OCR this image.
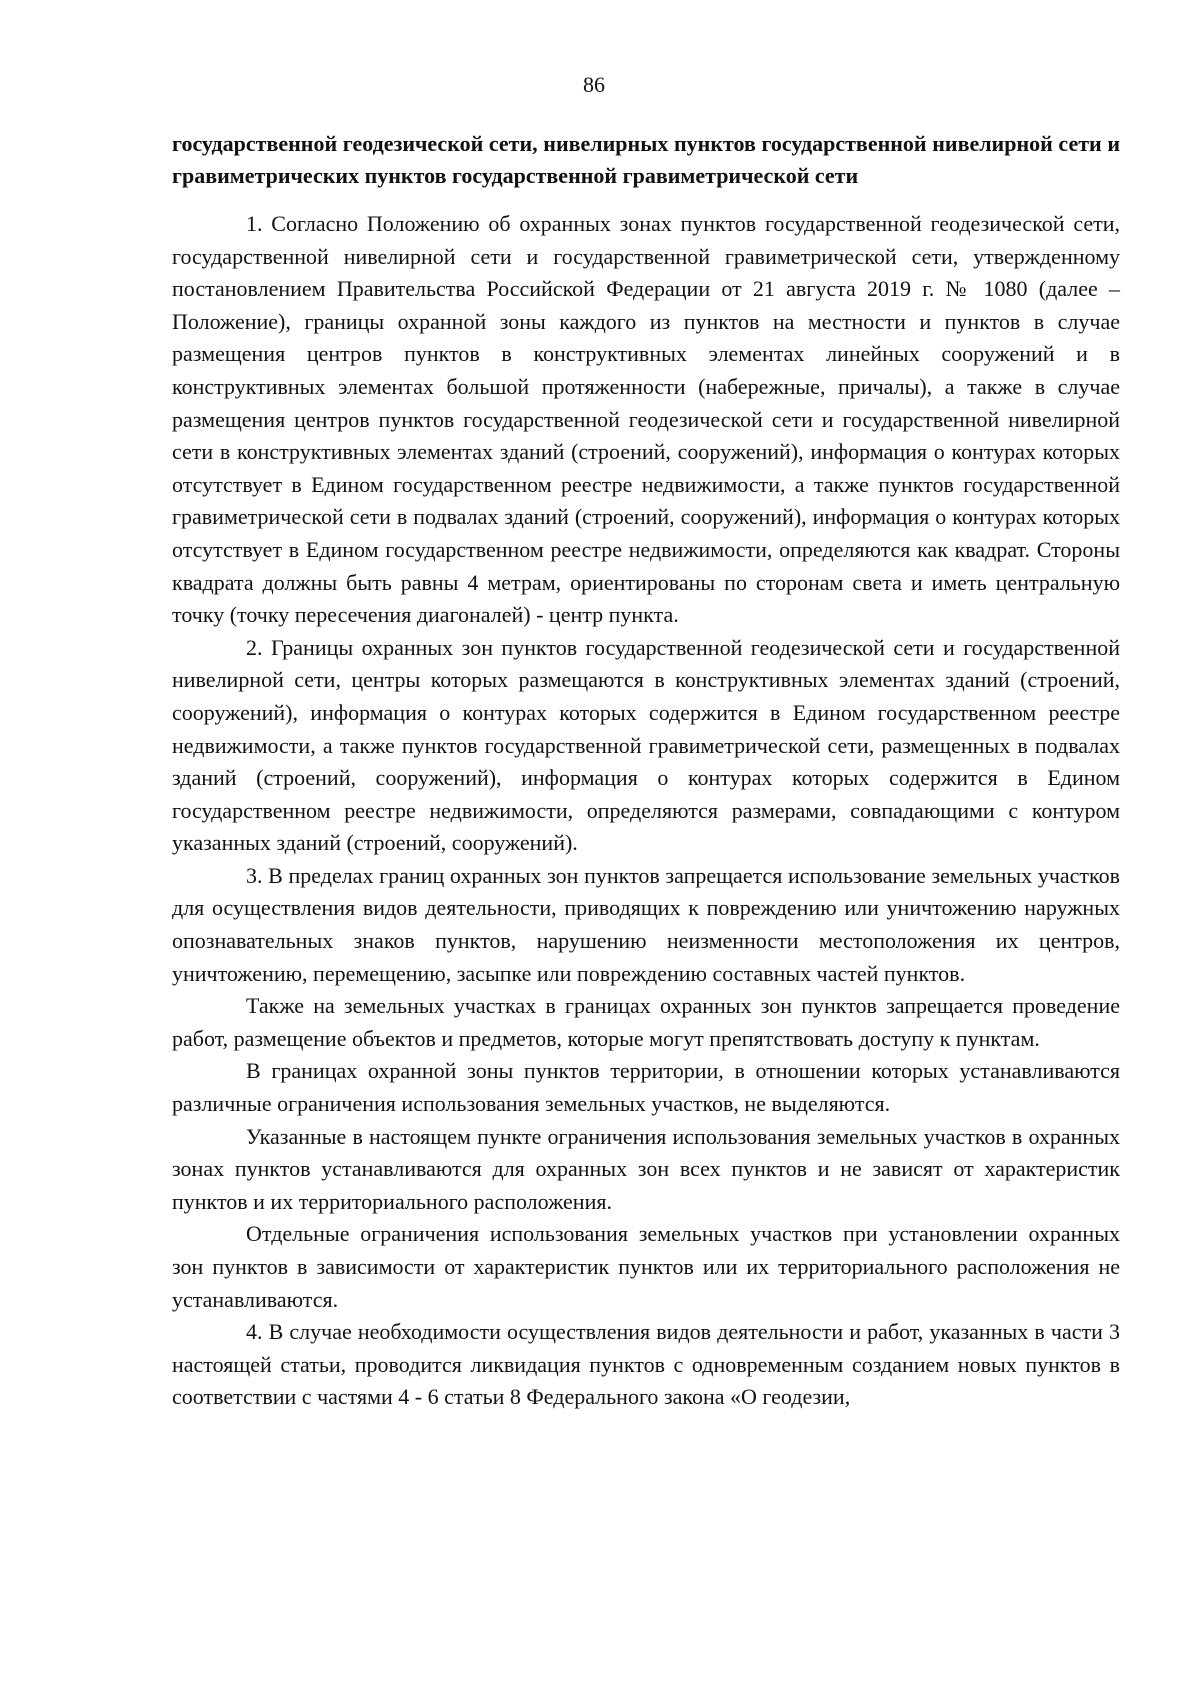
86

государственной геодезической сети, нивелирных пунктов государственной нивелирной сети и гравиметрических пунктов государственной гравиметрической сети

1. Согласно Положению об охранных зонах пунктов государственной геодезической сети, государственной нивелирной сети и государственной гравиметрической сети, утвержденному постановлением Правительства Российской Федерации от 21 августа 2019 г. № 1080 (далее – Положение), границы охранной зоны каждого из пунктов на местности и пунктов в случае размещения центров пунктов в конструктивных элементах линейных сооружений и в конструктивных элементах большой протяженности (набережные, причалы), а также в случае размещения центров пунктов государственной геодезической сети и государственной нивелирной сети в конструктивных элементах зданий (строений, сооружений), информация о контурах которых отсутствует в Едином государственном реестре недвижимости, а также пунктов государственной гравиметрической сети в подвалах зданий (строений, сооружений), информация о контурах которых отсутствует в Едином государственном реестре недвижимости, определяются как квадрат. Стороны квадрата должны быть равны 4 метрам, ориентированы по сторонам света и иметь центральную точку (точку пересечения диагоналей) - центр пункта.

2. Границы охранных зон пунктов государственной геодезической сети и государственной нивелирной сети, центры которых размещаются в конструктивных элементах зданий (строений, сооружений), информация о контурах которых содержится в Едином государственном реестре недвижимости, а также пунктов государственной гравиметрической сети, размещенных в подвалах зданий (строений, сооружений), информация о контурах которых содержится в Едином государственном реестре недвижимости, определяются размерами, совпадающими с контуром указанных зданий (строений, сооружений).

3. В пределах границ охранных зон пунктов запрещается использование земельных участков для осуществления видов деятельности, приводящих к повреждению или уничтожению наружных опознавательных знаков пунктов, нарушению неизменности местоположения их центров, уничтожению, перемещению, засыпке или повреждению составных частей пунктов.

Также на земельных участках в границах охранных зон пунктов запрещается проведение работ, размещение объектов и предметов, которые могут препятствовать доступу к пунктам.

В границах охранной зоны пунктов территории, в отношении которых устанавливаются различные ограничения использования земельных участков, не выделяются.

Указанные в настоящем пункте ограничения использования земельных участков в охранных зонах пунктов устанавливаются для охранных зон всех пунктов и не зависят от характеристик пунктов и их территориального расположения.

Отдельные ограничения использования земельных участков при установлении охранных зон пунктов в зависимости от характеристик пунктов или их территориального расположения не устанавливаются.

4. В случае необходимости осуществления видов деятельности и работ, указанных в части 3 настоящей статьи, проводится ликвидация пунктов с одновременным созданием новых пунктов в соответствии с частями 4 - 6 статьи 8 Федерального закона «О геодезии,
